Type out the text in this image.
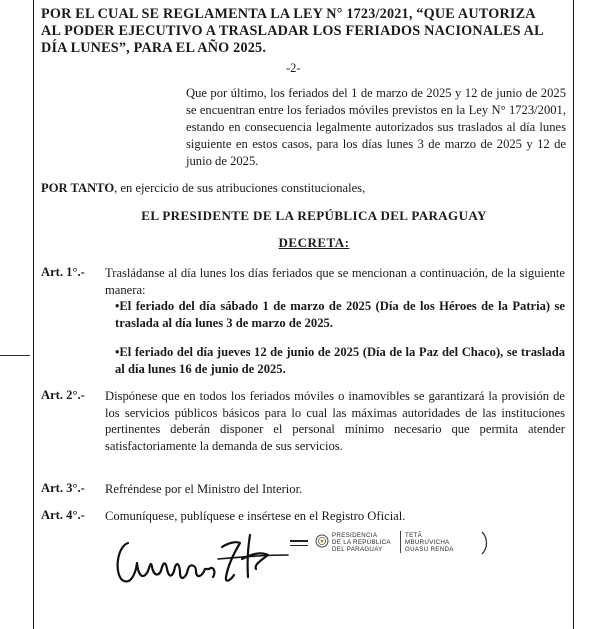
POR EL CUAL SE REGLAMENTA LA LEY N° 1723/2021, “QUE AUTORIZA
AL PODER EJECUTIVO A TRASLADAR LOS FERIADOS NACIONALES AL
DÍA LUNES”, PARA EL AÑO 2025.
-2-

Que por último, los feriados del 1 de marzo de 2025 y 12 de junio de 2025 se encuentran entre los feriados móviles previstos en la Ley N° 1723/2001, estando en consecuencia legalmente autorizados sus traslados al día lunes siguiente en estos casos, para los días lunes 3 de marzo de 2025 y 12 de junio de 2025.

POR TANTO, en ejercicio de sus atribuciones constitucionales,
EL PRESIDENTE DE LA REPÚBLICA DEL PARAGUAY
DECRETA:
Art. 1°.- Trasládanse al día lunes los días feriados que se mencionan a continuación, de la siguiente manera:

•El feriado del día sábado 1 de marzo de 2025 (Día de los Héroes de la Patria) se traslada al día lunes 3 de marzo de 2025.

•El feriado del día jueves 12 de junio de 2025 (Día de la Paz del Chaco), se traslada al día lunes 16 de junio de 2025.

Art. 2°.- Dispónese que en todos los feriados móviles o inamovibles se garantizará la provisión de los servicios públicos básicos para lo cual las máximas autoridades de las instituciones pertinentes deberán disponer el personal mínimo necesario que permita atender satisfactoriamente la demanda de sus servicios.

Art. 3°.- Refréndese por el Ministro del Interior.

Art. 4°.- Comuníquese, publíquese e insértese en el Registro Oficial.

PRESIDENCIA
DE LA REPÚBLICA
DEL PARAGUAY
TETÃ
MBURUVICHA
GUASU RENDA
